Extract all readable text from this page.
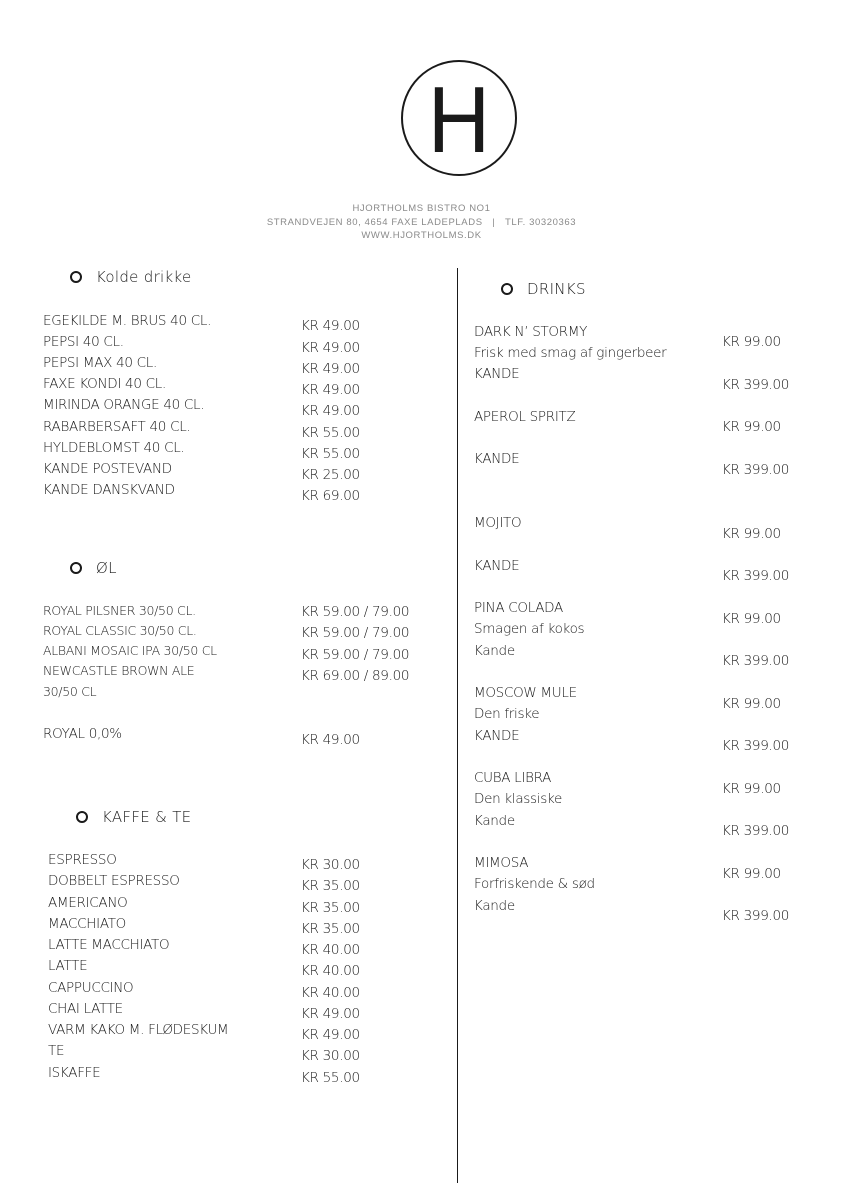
H
HJORTHOLMS BISTRO NO1
STRANDVEJEN 80, 4654 FAXE LADEPLADS   |   TLF. 30320363
WWW.HJORTHOLMS.DK
Kolde drikke
EGEKILDE M. BRUS 40 CL.
PEPSI 40 CL.
PEPSI MAX 40 CL.
FAXE KONDI 40 CL.
MIRINDA ORANGE 40 CL.
RABARBERSAFT 40 CL.
HYLDEBLOMST 40 CL.
KANDE POSTEVAND
KANDE DANSKVAND
KR 49.00
KR 49.00
KR 49.00
KR 49.00
KR 49.00
KR 55.00
KR 55.00
KR 25.00
KR 69.00
ØL
ROYAL PILSNER 30/50 CL.
ROYAL CLASSIC 30/50 CL.
ALBANI MOSAIC IPA 30/50 CL
NEWCASTLE BROWN ALE
30/50 CL
ROYAL 0,0%
KR 59.00 / 79.00
KR 59.00 / 79.00
KR 59.00 / 79.00
KR 69.00 / 89.00
KR 49.00
KAFFE & TE
ESPRESSO
DOBBELT ESPRESSO
AMERICANO
MACCHIATO
LATTE MACCHIATO
LATTE
CAPPUCCINO
CHAI LATTE
VARM KAKO M. FLØDESKUM
TE
ISKAFFE
KR 30.00
KR 35.00
KR 35.00
KR 35.00
KR 40.00
KR 40.00
KR 40.00
KR 49.00
KR 49.00
KR 30.00
KR 55.00
DRINKS
DARK N’ STORMY
Frisk med smag af gingerbeer
KANDE
KR 99.00
KR 399.00
APEROL SPRITZ
KANDE
KR 99.00
KR 399.00
MOJITO
KANDE
KR 99.00
KR 399.00
PINA COLADA
Smagen af kokos
Kande
KR 99.00
KR 399.00
MOSCOW MULE
Den friske
KANDE
KR 99.00
KR 399.00
CUBA LIBRA
Den klassiske
Kande
KR 99.00
KR 399.00
MIMOSA
Forfriskende & sød
Kande
KR 99.00
KR 399.00
